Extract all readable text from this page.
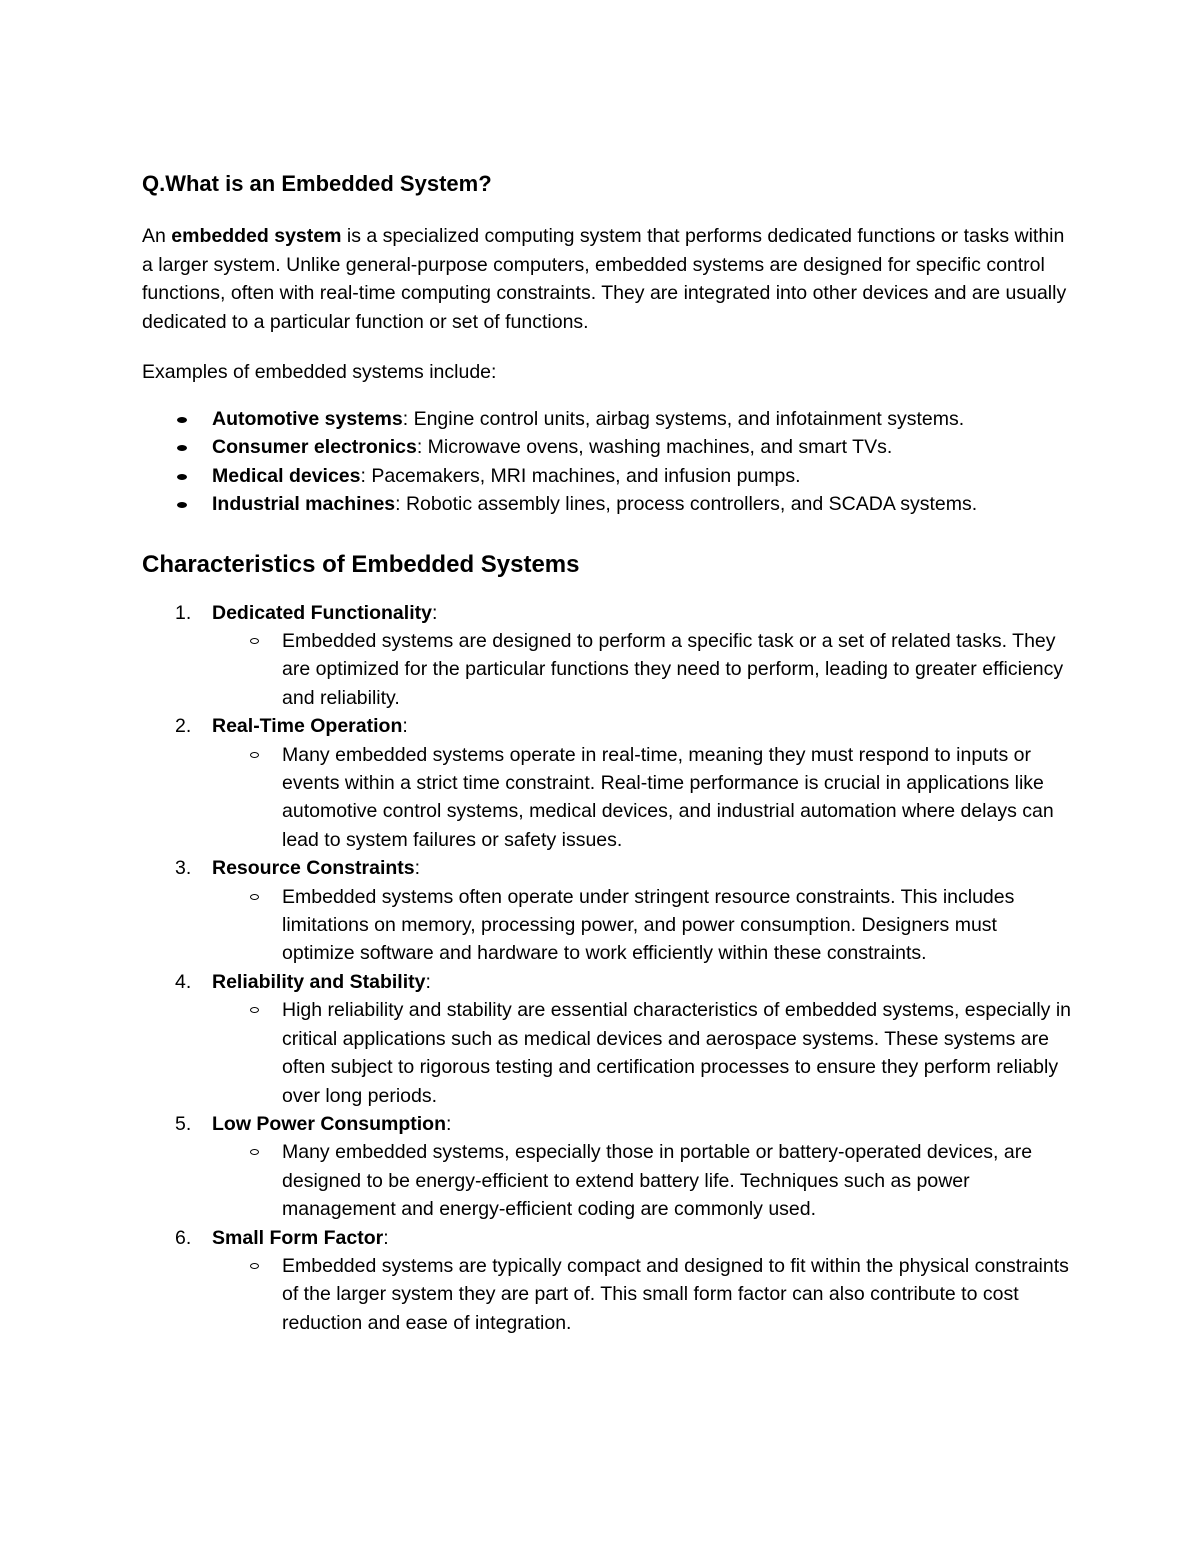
Q.What is an Embedded System?

An embedded system is a specialized computing system that performs dedicated functions or tasks within a larger system. Unlike general-purpose computers, embedded systems are designed for specific control functions, often with real-time computing constraints. They are integrated into other devices and are usually dedicated to a particular function or set of functions.

Examples of embedded systems include:

Automotive systems: Engine control units, airbag systems, and infotainment systems.
Consumer electronics: Microwave ovens, washing machines, and smart TVs.
Medical devices: Pacemakers, MRI machines, and infusion pumps.
Industrial machines: Robotic assembly lines, process controllers, and SCADA systems.
Characteristics of Embedded Systems
1.	Dedicated Functionality:
Embedded systems are designed to perform a specific task or a set of related tasks. They are optimized for the particular functions they need to perform, leading to greater efficiency and reliability.
2.	Real-Time Operation:
Many embedded systems operate in real-time, meaning they must respond to inputs or events within a strict time constraint. Real-time performance is crucial in applications like automotive control systems, medical devices, and industrial automation where delays can lead to system failures or safety issues.
3.	Resource Constraints:
Embedded systems often operate under stringent resource constraints. This includes limitations on memory, processing power, and power consumption. Designers must optimize software and hardware to work efficiently within these constraints.
4.	Reliability and Stability:
High reliability and stability are essential characteristics of embedded systems, especially in critical applications such as medical devices and aerospace systems. These systems are often subject to rigorous testing and certification processes to ensure they perform reliably over long periods.
5.	Low Power Consumption:
Many embedded systems, especially those in portable or battery-operated devices, are designed to be energy-efficient to extend battery life. Techniques such as power management and energy-efficient coding are commonly used.
6.	Small Form Factor:
Embedded systems are typically compact and designed to fit within the physical constraints of the larger system they are part of. This small form factor can also contribute to cost reduction and ease of integration.
